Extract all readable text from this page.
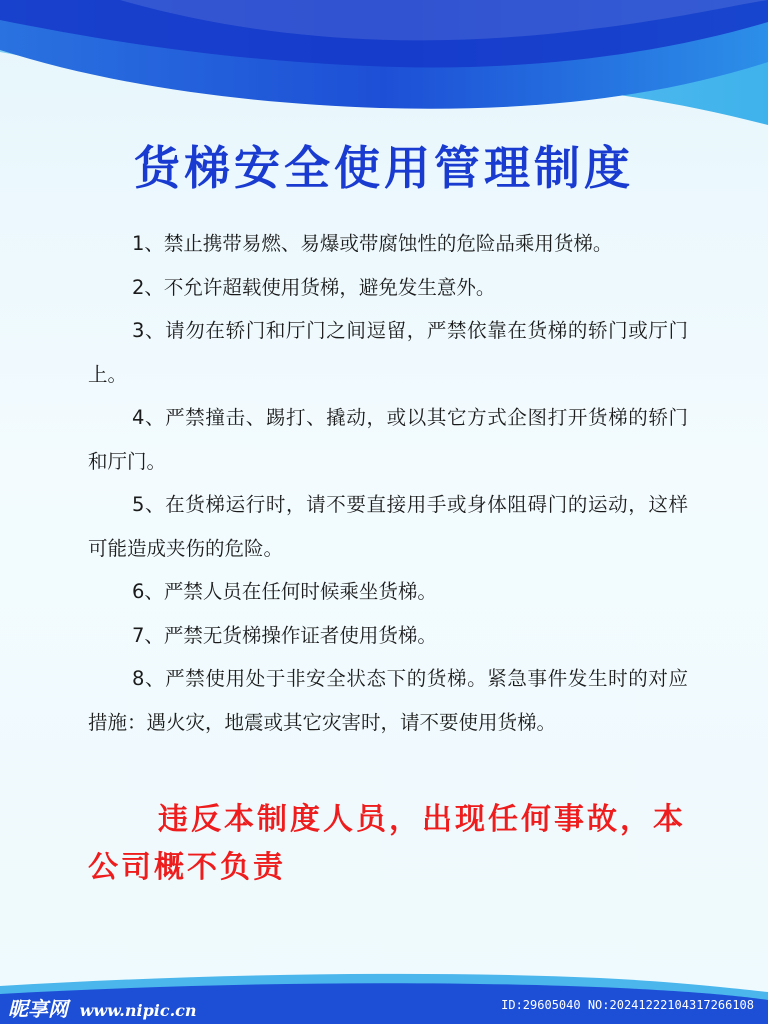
货梯安全使用管理制度
1、禁止携带易燃、易爆或带腐蚀性的危险品乘用货梯。
2、不允许超载使用货梯，避免发生意外。
3、请勿在轿门和厅门之间逗留，严禁依靠在货梯的轿门或厅门上。
4、严禁撞击、踢打、撬动，或以其它方式企图打开货梯的轿门和厅门。
5、在货梯运行时，请不要直接用手或身体阻碍门的运动，这样可能造成夹伤的危险。
6、严禁人员在任何时候乘坐货梯。
7、严禁无货梯操作证者使用货梯。
8、严禁使用处于非安全状态下的货梯。紧急事件发生时的对应措施：遇火灾，地震或其它灾害时，请不要使用货梯。
违反本制度人员，出现任何事故，本公司概不负责
昵享网 www.nipic.cn	ID:29605040 NO:20241222104317266108
